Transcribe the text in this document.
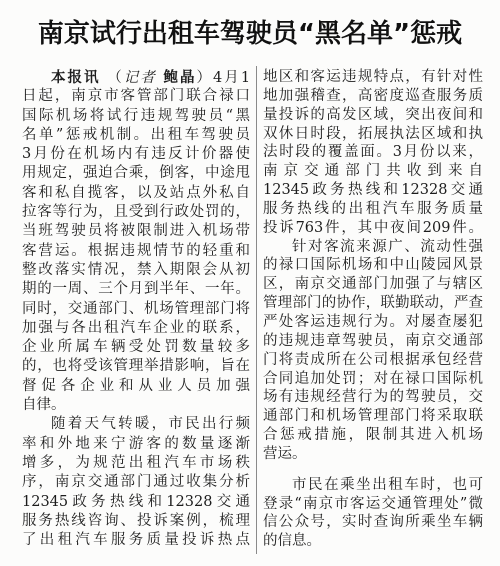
南京试行出租车驾驶员“黑名单”惩戒
本报讯 （记者 鲍晶）4月1
日起，南京市客管部门联合禄口
国际机场将试行违规驾驶员“黑
名单”惩戒机制。出租车驾驶员
3月份在机场内有违反计价器使
用规定，强迫合乘，倒客，中途甩
客和私自揽客，以及站点外私自
拉客等行为，且受到行政处罚的，
当班驾驶员将被限制进入机场带
客营运。根据违规情节的轻重和
整改落实情况，禁入期限会从初
期的一周、三个月到半年、一年。
同时，交通部门、机场管理部门将
加强与各出租汽车企业的联系，
企业所属车辆受处罚数量较多
的，也将受该管理举措影响，旨在
督促各企业和从业人员加强
自律。
随着天气转暖，市民出行频
率和外地来宁游客的数量逐渐
增多，为规范出租汽车市场秩
序，南京交通部门通过收集分析
12345政务热线和12328交通
服务热线咨询、投诉案例，梳理
了出租汽车服务质量投诉热点
地区和客运违规特点，有针对性
地加强稽查，高密度巡查服务质
量投诉的高发区域，突出夜间和
双休日时段，拓展执法区域和执
法时段的覆盖面。3月份以来，
南京交通部门共收到来自
12345政务热线和12328交通
服务热线的出租汽车服务质量
投诉763件，其中夜间209件。
针对客流来源广、流动性强
的禄口国际机场和中山陵园风景
区，南京交通部门加强了与辖区
管理部门的协作，联勤联动，严查
严处客运违规行为。对屡查屡犯
的违规违章驾驶员，南京交通部
门将责成所在公司根据承包经营
合同追加处罚；对在禄口国际机
场有违规经营行为的驾驶员，交
通部门和机场管理部门将采取联
合惩戒措施，限制其进入机场
营运。
市民在乘坐出租车时，也可
登录“南京市客运交通管理处”微
信公众号，实时查询所乘坐车辆
的信息。
